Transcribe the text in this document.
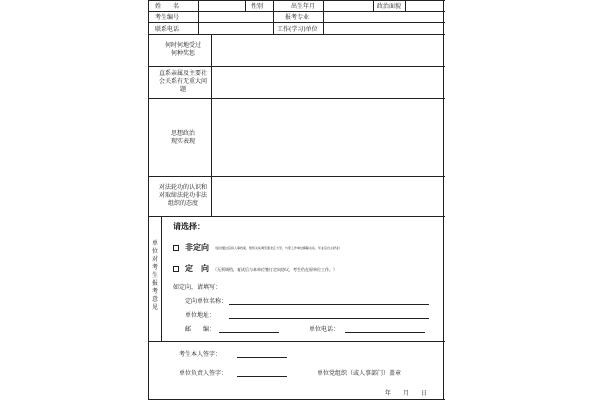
姓　　名	性别	出生年月	政治面貌
考生编号	报考专业
联系电话	工作(学习)单位
何时何地受过何种奖惩
直系亲属及主要社会关系有无重大问题
思想政治现实表现
对法轮功的认识和对取缔法轮功非法组织的态度
单位对考生报考意见
请选择：
非定向 （复试通过后将人事档案、组织关系调至黑龙江大学，与原工作单位解除关系，毕业后自主择业）
定　向 （无须调档，复试后与本单位签订定向协议，考生仍在原单位工作。）
如定向，请填写：
定向单位名称：
单位地址：
邮　　编：	单位电话：
考生本人签字：
单位负责人签字：	单位党组织（或人事部门）盖章
年　　月　　日
